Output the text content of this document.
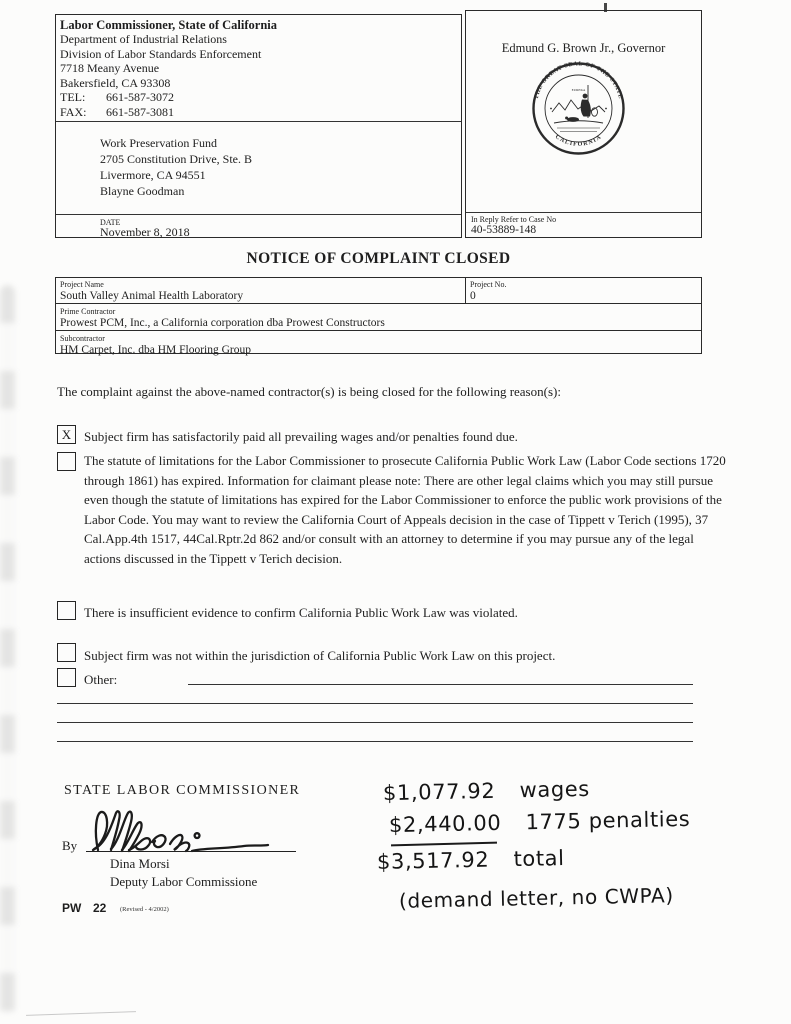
Labor Commissioner, State of California
Department of Industrial Relations
Division of Labor Standards Enforcement
7718 Meany Avenue
Bakersfield, CA 93308
TEL:	661-587-3072
FAX:	661-587-3081
Work Preservation Fund
2705 Constitution Drive, Ste. B
Livermore, CA 94551
Blayne Goodman
DATE
November 8, 2018
Edmund G. Brown Jr., Governor
In Reply Refer to Case No
40-53889-148
THE GREAT SEAL OF THE STATE
CALIFORNIA
EUREKA
NOTICE OF COMPLAINT CLOSED
Project Name
South Valley Animal Health Laboratory
Project No.
0
Prime Contractor
Prowest PCM, Inc., a California corporation dba Prowest Constructors
Subcontractor
HM Carpet, Inc. dba HM Flooring Group
The complaint against the above-named contractor(s) is being closed for the following reason(s):
X Subject firm has satisfactorily paid all prevailing wages and/or penalties found due.
The statute of limitations for the Labor Commissioner to prosecute California Public Work Law (Labor Code sections 1720 through 1861) has expired. Information for claimant please note: There are other legal claims which you may still pursue even though the statute of limitations has expired for the Labor Commissioner to enforce the public work provisions of the Labor Code. You may want to review the California Court of Appeals decision in the case of Tippett v Terich (1995), 37 Cal.App.4th 1517, 44Cal.Rptr.2d 862 and/or consult with an attorney to determine if you may pursue any of the legal actions discussed in the Tippett v Terich decision.
There is insufficient evidence to confirm California Public Work Law was violated.
Subject firm was not within the jurisdiction of California Public Work Law on this project.
Other:
STATE LABOR COMMISSIONER
By
Dina Morsi
Deputy Labor Commissione
PW 22 (Revised - 4/2002)
$1,077.92 wages
$2,440.00 1775 penalties
$3,517.92 total
(demand letter, no CWPA)
